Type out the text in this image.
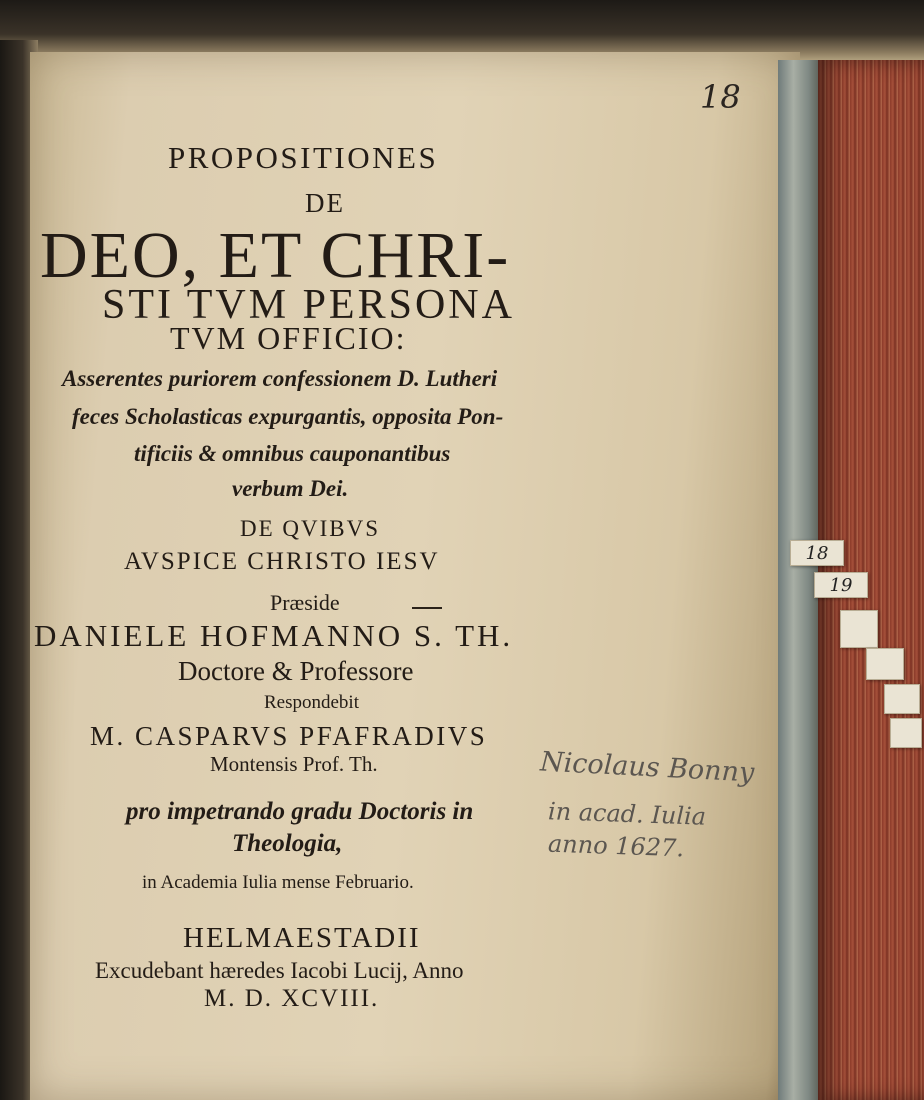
18
19
18
PROPOSITIONES
DE
DEO, ET CHRI-
STI TVM PERSONA
TVM OFFICIO:
Asserentes puriorem confessionem D. Lutheri
feces Scholasticas expurgantis, opposita Pon-
tificiis & omnibus cauponantibus
verbum Dei.
DE QVIBVS
AVSPICE CHRISTO IESV
Præside
DANIELE HOFMANNO S. TH.
Doctore & Professore
Respondebit
M. CASPARVS PFAFRADIVS
Montensis Prof. Th.
pro impetrando gradu Doctoris in
Theologia,
in Academia Iulia mense Februario.
HELMAESTADII
Excudebant hæredes Iacobi Lucij, Anno
M. D. XCVIII.
Nicolaus Bonny
in acad. Iulia
anno 1627.
